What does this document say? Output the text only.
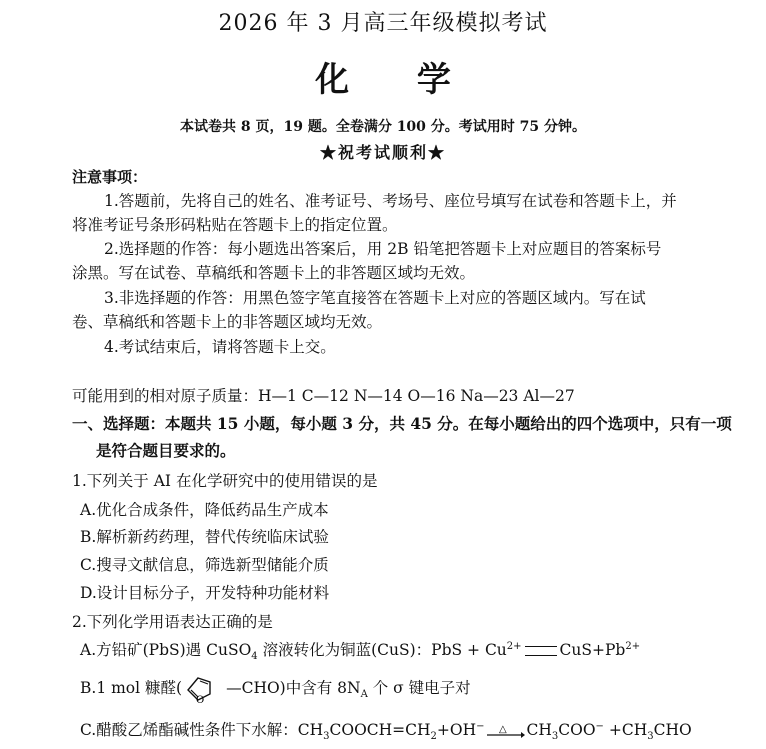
2026 年 3 月高三年级模拟考试
化 学
本试卷共 8 页，19 题。全卷满分 100 分。考试用时 75 分钟。
★祝考试顺利★
注意事项：
1.答题前，先将自己的姓名、准考证号、考场号、座位号填写在试卷和答题卡上，并
将准考证号条形码粘贴在答题卡上的指定位置。
2.选择题的作答：每小题选出答案后，用 2B 铅笔把答题卡上对应题目的答案标号
涂黑。写在试卷、草稿纸和答题卡上的非答题区域均无效。
3.非选择题的作答：用黑色签字笔直接答在答题卡上对应的答题区域内。写在试
卷、草稿纸和答题卡上的非答题区域均无效。
4.考试结束后，请将答题卡上交。
可能用到的相对原子质量：H—1 C—12 N—14 O—16 Na—23 Al—27
一、选择题：本题共 15 小题，每小题 3 分，共 45 分。在每小题给出的四个选项中，只有一项
是符合题目要求的。
1.下列关于 AI 在化学研究中的使用错误的是
A.优化合成条件，降低药品生产成本
B.解析新药药理，替代传统临床试验
C.搜寻文献信息，筛选新型储能介质
D.设计目标分子，开发特种功能材料
2.下列化学用语表达正确的是
A.方铅矿(PbS)遇 CuSO$_4$ 溶液转化为铜蓝(CuS)：PbS + $Cu^{2+}$ $CuS+Pb^{2+}$
B.1 mol 糠醛(
O
—CHO)中含有 $8N_A$ 个 σ 键电子对
C.醋酸乙烯酯碱性条件下水解：$CH_3COOCH=CH_2+OH^-$ △ $CH_3COO^- +CH_3CHO$
